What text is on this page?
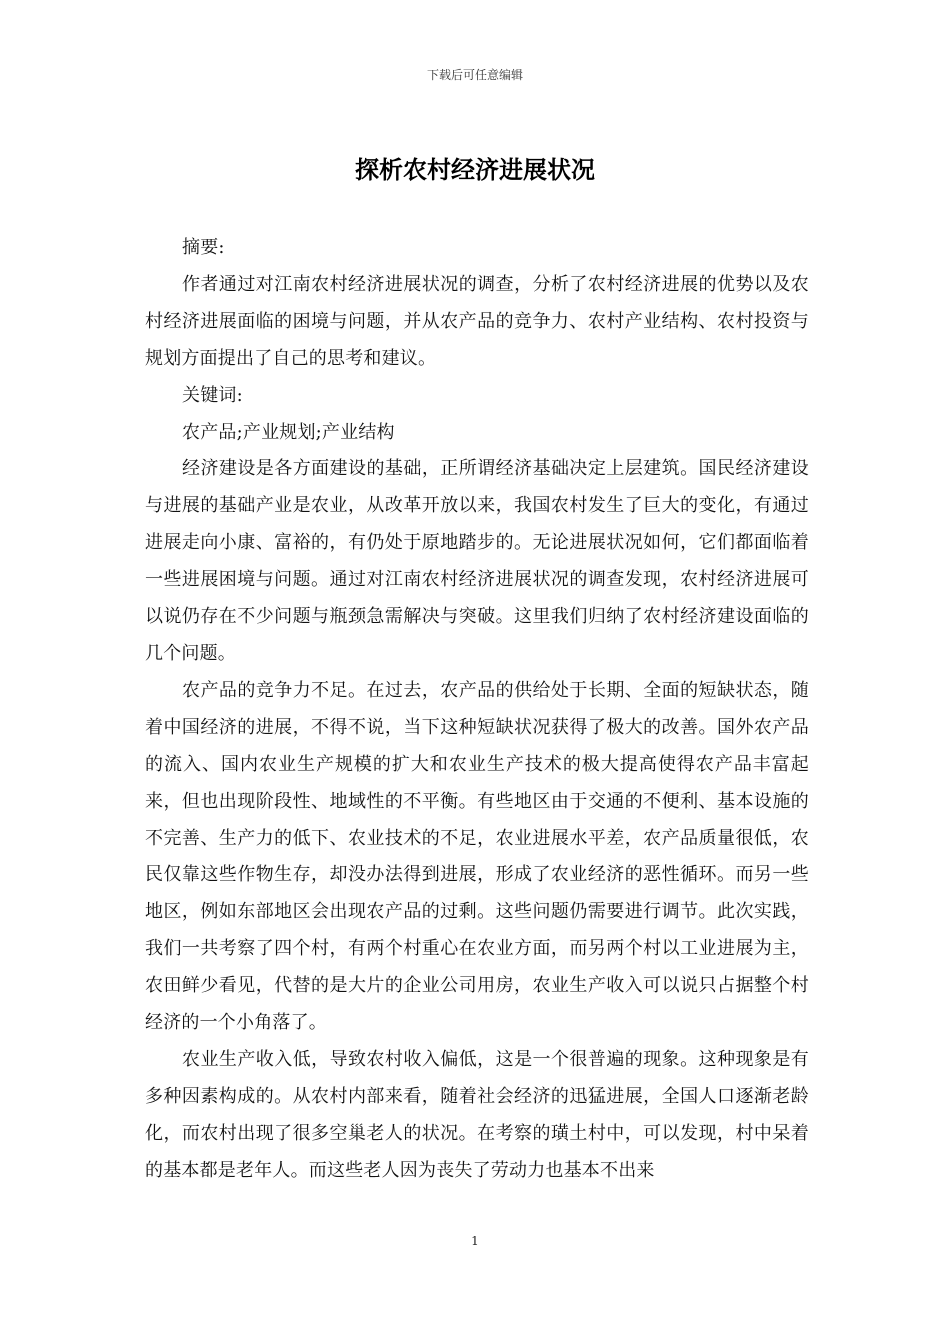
下载后可任意编辑
探析农村经济进展状况

摘要:

作者通过对江南农村经济进展状况的调查，分析了农村经济进展的优势以及农村经济进展面临的困境与问题，并从农产品的竞争力、农村产业结构、农村投资与规划方面提出了自己的思考和建议。

关键词:

农产品;产业规划;产业结构

经济建设是各方面建设的基础，正所谓经济基础决定上层建筑。国民经济建设与进展的基础产业是农业，从改革开放以来，我国农村发生了巨大的变化，有通过进展走向小康、富裕的，有仍处于原地踏步的。无论进展状况如何，它们都面临着一些进展困境与问题。通过对江南农村经济进展状况的调查发现，农村经济进展可以说仍存在不少问题与瓶颈急需解决与突破。这里我们归纳了农村经济建设面临的几个问题。

农产品的竞争力不足。在过去，农产品的供给处于长期、全面的短缺状态，随着中国经济的进展，不得不说，当下这种短缺状况获得了极大的改善。国外农产品的流入、国内农业生产规模的扩大和农业生产技术的极大提高使得农产品丰富起来，但也出现阶段性、地域性的不平衡。有些地区由于交通的不便利、基本设施的不完善、生产力的低下、农业技术的不足，农业进展水平差，农产品质量很低，农民仅靠这些作物生存，却没办法得到进展，形成了农业经济的恶性循环。而另一些地区，例如东部地区会出现农产品的过剩。这些问题仍需要进行调节。此次实践，我们一共考察了四个村，有两个村重心在农业方面，而另两个村以工业进展为主，农田鲜少看见，代替的是大片的企业公司用房，农业生产收入可以说只占据整个村经济的一个小角落了。

农业生产收入低，导致农村收入偏低，这是一个很普遍的现象。这种现象是有多种因素构成的。从农村内部来看，随着社会经济的迅猛进展，全国人口逐渐老龄化，而农村出现了很多空巢老人的状况。在考察的璜土村中，可以发现，村中呆着的基本都是老年人。而这些老人因为丧失了劳动力也基本不出来

1
